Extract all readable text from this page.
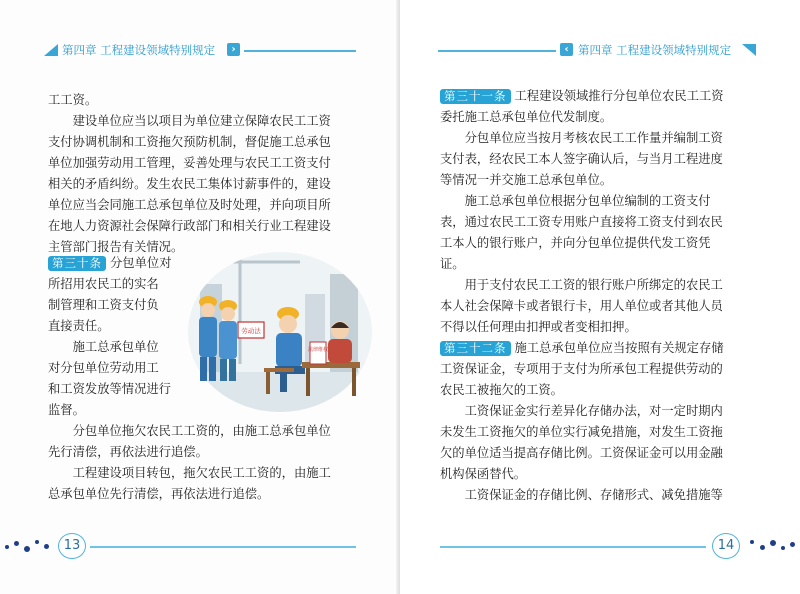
第四章 工程建设领域特别规定	›
工工资。
建设单位应当以项目为单位建立保障农民工工资
支付协调机制和工资拖欠预防机制，督促施工总承包
单位加强劳动用工管理，妥善处理与农民工工资支付
相关的矛盾纠纷。发生农民工集体讨薪事件的，建设
单位应当会同施工总承包单位及时处理，并向项目所
在地人力资源社会保障行政部门和相关行业工程建设
主管部门报告有关情况。
第三十条 分包单位对
所招用农民工的实名
制管理和工资支付负
直接责任。
施工总承包单位
对分包单位劳动用工
和工资发放等情况进行
监督。
分包单位拖欠农民工工资的，由施工总承包单位
先行清偿，再依法进行追偿。
工程建设项目转包，拖欠农民工工资的，由施工
总承包单位先行清偿，再依法进行追偿。
劳动法
法律维权
13
‹ 第四章 工程建设领域特别规定
第三十一条 工程建设领域推行分包单位农民工工资
委托施工总承包单位代发制度。
分包单位应当按月考核农民工工作量并编制工资
支付表，经农民工本人签字确认后，与当月工程进度
等情况一并交施工总承包单位。
施工总承包单位根据分包单位编制的工资支付
表，通过农民工工资专用账户直接将工资支付到农民
工本人的银行账户，并向分包单位提供代发工资凭
证。
用于支付农民工工资的银行账户所绑定的农民工
本人社会保障卡或者银行卡，用人单位或者其他人员
不得以任何理由扣押或者变相扣押。
第三十二条 施工总承包单位应当按照有关规定存储
工资保证金，专项用于支付为所承包工程提供劳动的
农民工被拖欠的工资。
工资保证金实行差异化存储办法，对一定时期内
未发生工资拖欠的单位实行减免措施，对发生工资拖
欠的单位适当提高存储比例。工资保证金可以用金融
机构保函替代。
工资保证金的存储比例、存储形式、减免措施等
14
